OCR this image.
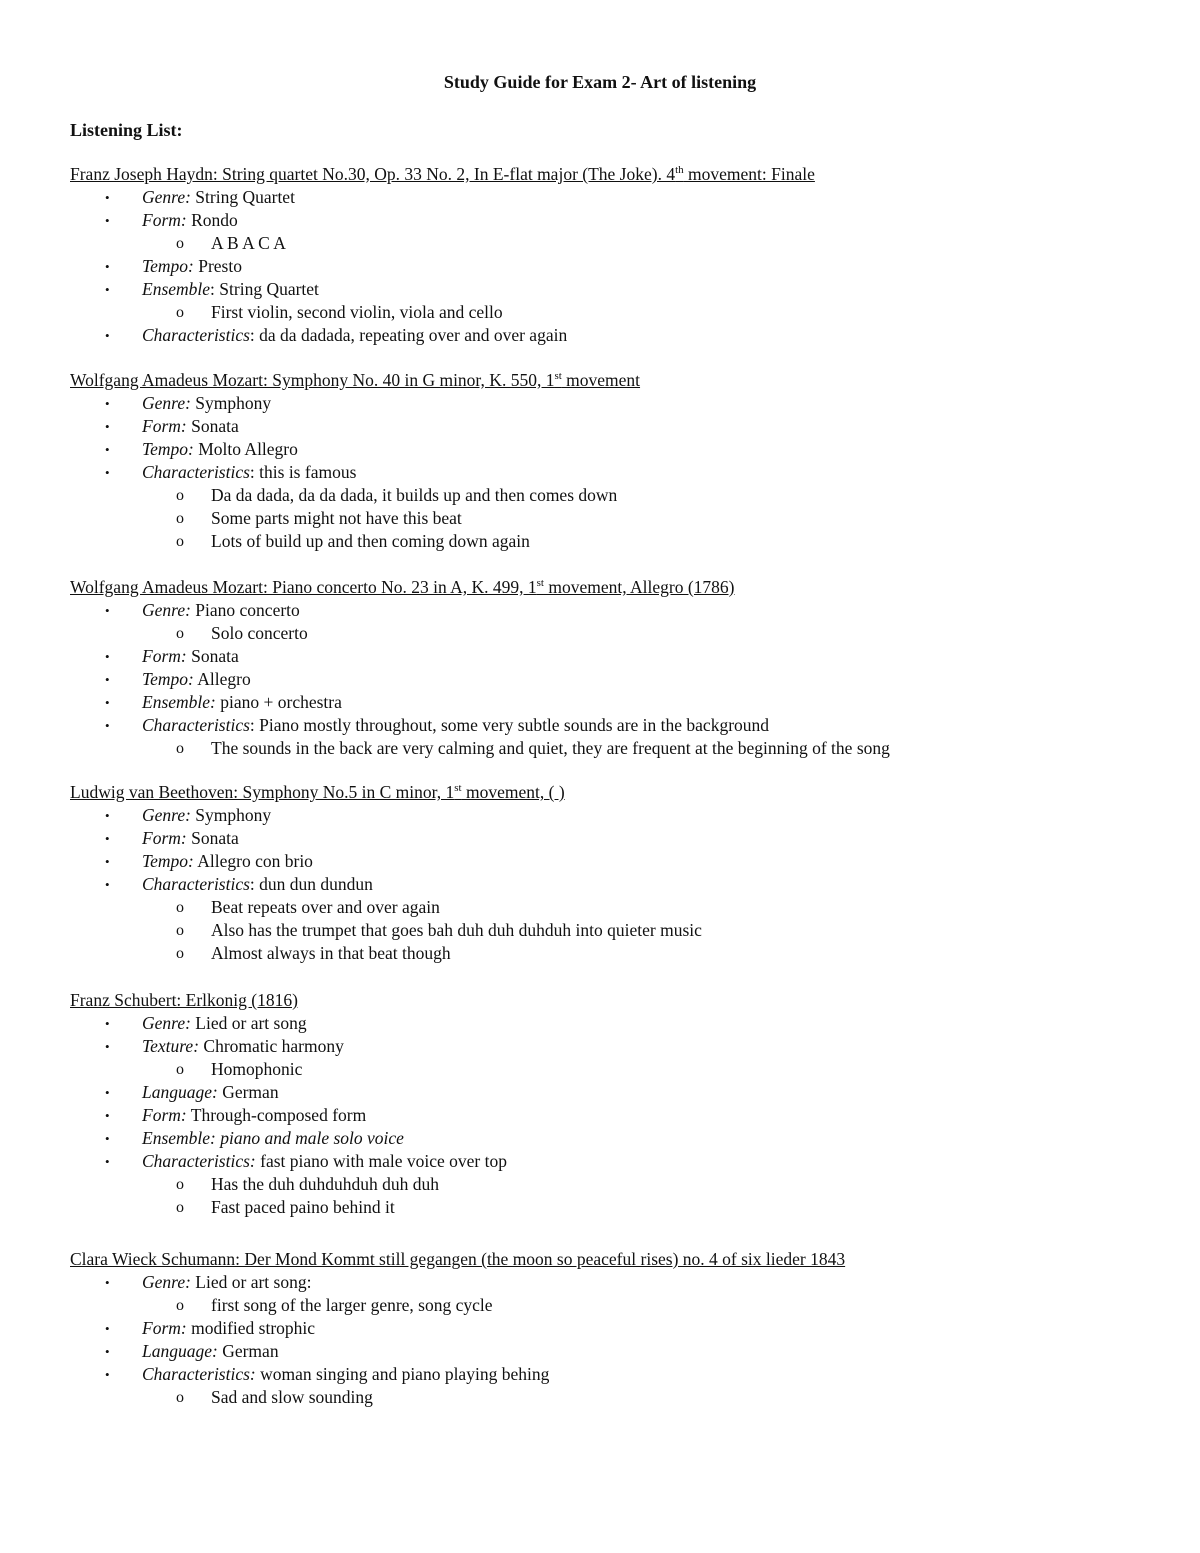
Study Guide for Exam 2- Art of listening
Listening List:
Franz Joseph Haydn: String quartet No.30, Op. 33 No. 2, In E-flat major (The Joke). 4th movement: Finale
• Genre: String Quartet
• Form: Rondo
o A B A C A
• Tempo: Presto
• Ensemble: String Quartet
o First violin, second violin, viola and cello
• Characteristics: da da dadada, repeating over and over again
Wolfgang Amadeus Mozart: Symphony No. 40 in G minor, K. 550, 1st movement
• Genre: Symphony
• Form: Sonata
• Tempo: Molto Allegro
• Characteristics: this is famous
o Da da dada, da da dada, it builds up and then comes down
o Some parts might not have this beat
o Lots of build up and then coming down again
Wolfgang Amadeus Mozart: Piano concerto No. 23 in A, K. 499, 1st movement, Allegro (1786)
• Genre: Piano concerto
o Solo concerto
• Form: Sonata
• Tempo: Allegro
• Ensemble: piano + orchestra
• Characteristics: Piano mostly throughout, some very subtle sounds are in the background
o The sounds in the back are very calming and quiet, they are frequent at the beginning of the song
Ludwig van Beethoven: Symphony No.5 in C minor, 1st movement, ( )
• Genre: Symphony
• Form: Sonata
• Tempo: Allegro con brio
• Characteristics: dun dun dundun
o Beat repeats over and over again
o Also has the trumpet that goes bah duh duh duhduh into quieter music
o Almost always in that beat though
Franz Schubert: Erlkonig (1816)
• Genre: Lied or art song
• Texture: Chromatic harmony
o Homophonic
• Language: German
• Form: Through-composed form
• Ensemble: piano and male solo voice
• Characteristics: fast piano with male voice over top
o Has the duh duhduhduh duh duh
o Fast paced paino behind it
Clara Wieck Schumann: Der Mond Kommt still gegangen (the moon so peaceful rises) no. 4 of six lieder 1843
• Genre: Lied or art song:
o first song of the larger genre, song cycle
• Form: modified strophic
• Language: German
• Characteristics: woman singing and piano playing behing
o Sad and slow sounding
